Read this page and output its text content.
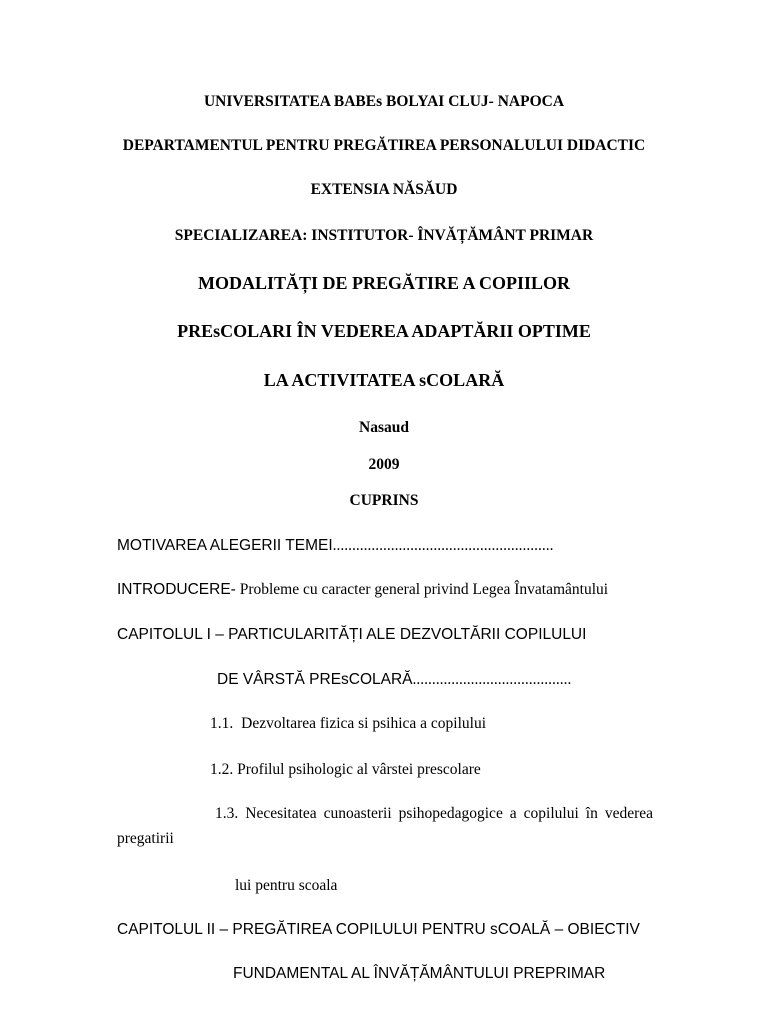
UNIVERSITATEA BABEs BOLYAI CLUJ- NAPOCA
DEPARTAMENTUL PENTRU PREGĂTIREA PERSONALULUI DIDACTIC
EXTENSIA NĂSĂUD
SPECIALIZAREA: INSTITUTOR- ÎNVĂȚĂMÂNT PRIMAR
MODALITĂȚI DE PREGĂTIRE A COPIILOR
PREsCOLARI ÎN VEDEREA ADAPTĂRII OPTIME
LA ACTIVITATEA sCOLARĂ
Nasaud
2009
CUPRINS
MOTIVAREA ALEGERII TEMEI.........................................................
INTRODUCERE- Probleme cu caracter general privind Legea Învatamântului
CAPITOLUL I – PARTICULARITĂȚI ALE DEZVOLTĂRII COPILULUI
DE VÂRSTĂ PREsCOLARĂ.........................................
1.1. Dezvoltarea fizica si psihica a copilului
1.2. Profilul psihologic al vârstei prescolare
1.3. Necesitatea cunoasterii psihopedagogice a copilului în vederea
pregatirii
lui pentru scoala
CAPITOLUL II – PREGĂTIREA COPILULUI PENTRU sCOALĂ – OBIECTIV
FUNDAMENTAL AL ÎNVĂȚĂMÂNTULUI PREPRIMAR
